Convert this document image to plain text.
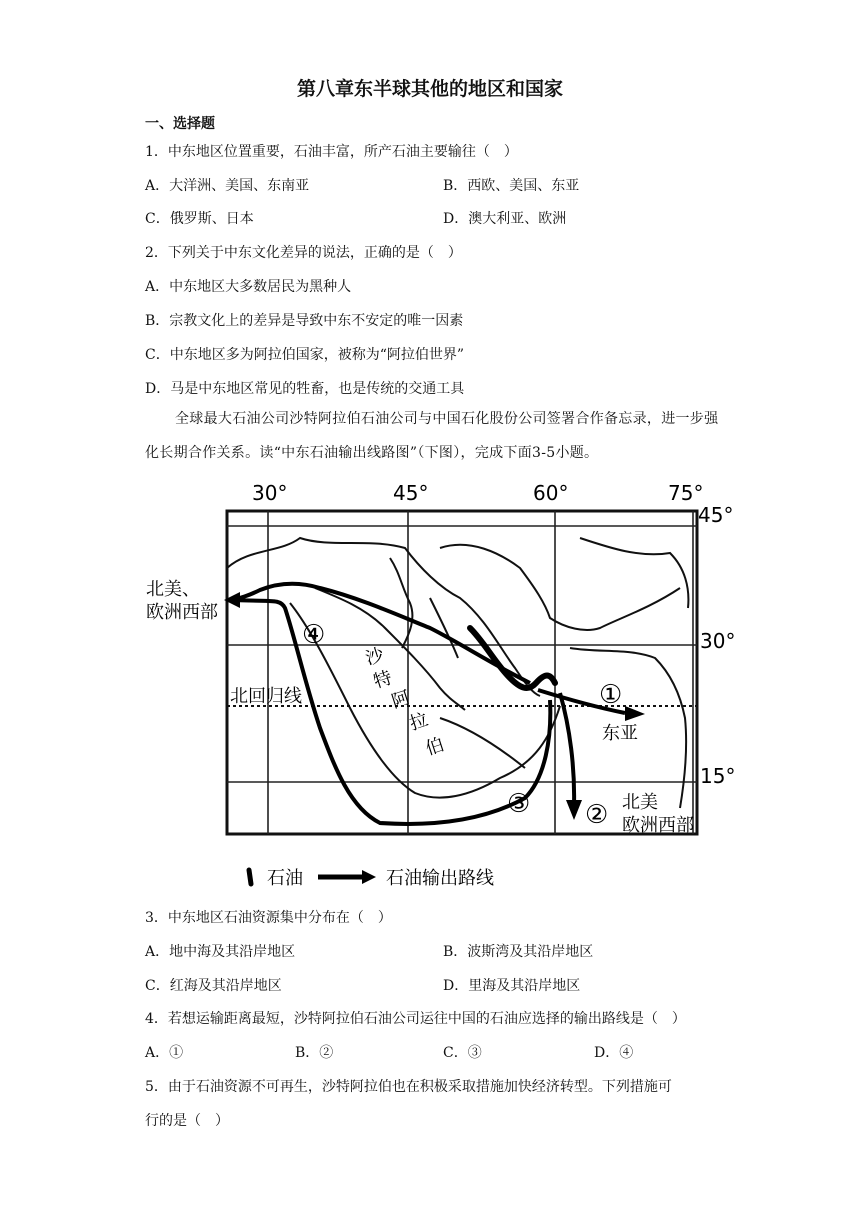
第八章东半球其他的地区和国家
一、选择题
1．中东地区位置重要，石油丰富，所产石油主要输往（　）
A．大洋洲、美国、东南亚	B．西欧、美国、东亚
C．俄罗斯、日本	D．澳大利亚、欧洲
2．下列关于中东文化差异的说法，正确的是（　）
A．中东地区大多数居民为黑种人
B．宗教文化上的差异是导致中东不安定的唯一因素
C．中东地区多为阿拉伯国家，被称为“阿拉伯世界”
D．马是中东地区常见的牲畜，也是传统的交通工具
全球最大石油公司沙特阿拉伯石油公司与中国石化股份公司签署合作备忘录，进一步强化长期合作关系。读“中东石油输出线路图”（下图），完成下面3-5小题。
30°	45°	60°	75°
45°
30°
15°
①
②
③
④
北美、
欧洲西部
北回归线
东亚
北美
欧洲西部
沙
特
阿
拉
伯
石油	石油输出路线
3．中东地区石油资源集中分布在（　）
A．地中海及其沿岸地区	B．波斯湾及其沿岸地区
C．红海及其沿岸地区	D．里海及其沿岸地区
4．若想运输距离最短，沙特阿拉伯石油公司运往中国的石油应选择的输出路线是（　）
A．①	B．②	C．③	D．④
5．由于石油资源不可再生，沙特阿拉伯也在积极采取措施加快经济转型。下列措施可
行的是（　）
